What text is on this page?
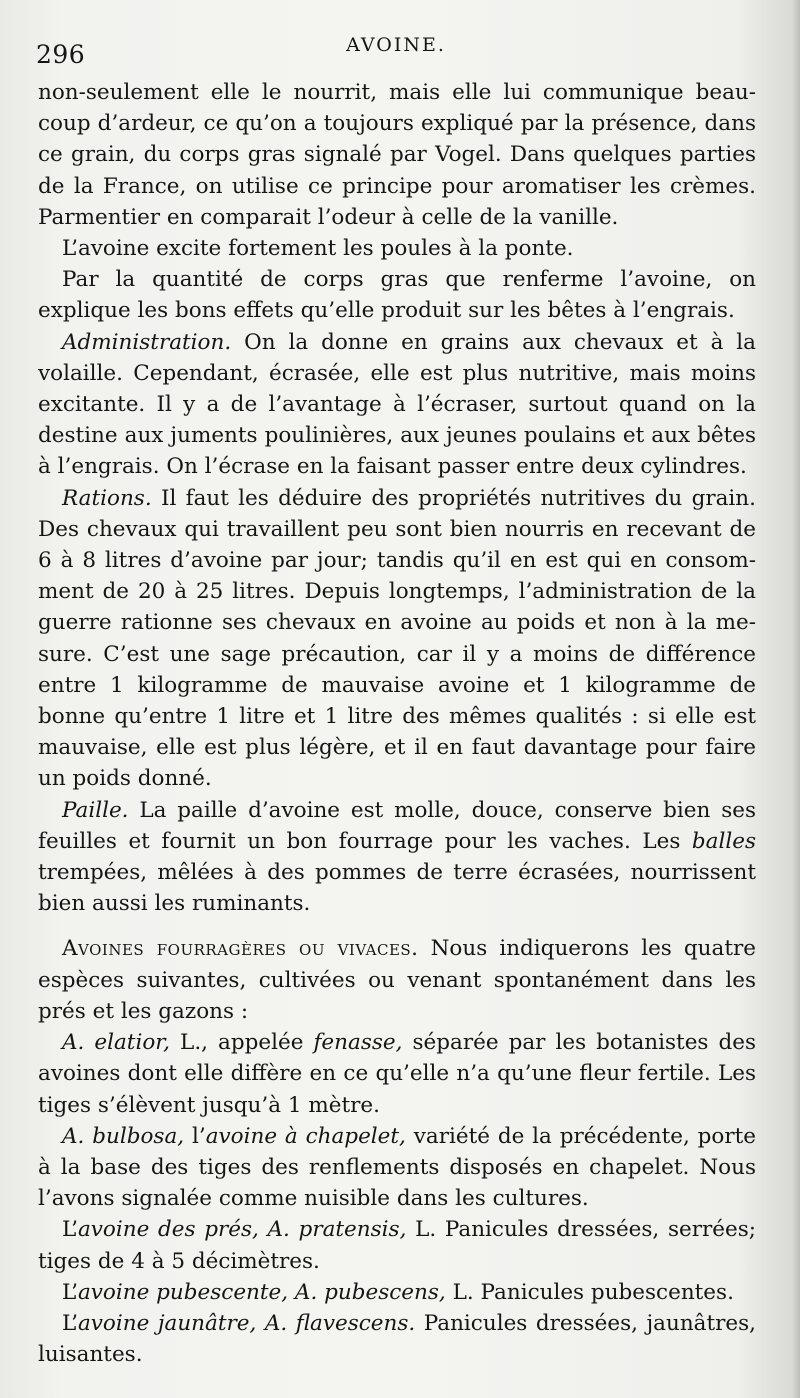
296	AVOINE.

non-seulement elle le nourrit, mais elle lui communique beau-coup d’ardeur, ce qu’on a toujours expliqué par la présence, dans ce grain, du corps gras signalé par Vogel. Dans quelques parties de la France, on utilise ce principe pour aromatiser les crèmes. Parmentier en comparait l’odeur à celle de la vanille.

L’avoine excite fortement les poules à la ponte.

Par la quantité de corps gras que renferme l’avoine, on explique les bons effets qu’elle produit sur les bêtes à l’engrais.

Administration. On la donne en grains aux chevaux et à la volaille. Cependant, écrasée, elle est plus nutritive, mais moins excitante. Il y a de l’avantage à l’écraser, surtout quand on la destine aux juments poulinières, aux jeunes poulains et aux bêtes à l’engrais. On l’écrase en la faisant passer entre deux cylindres.

Rations. Il faut les déduire des propriétés nutritives du grain. Des chevaux qui travaillent peu sont bien nourris en recevant de 6 à 8 litres d’avoine par jour; tandis qu’il en est qui en consom-ment de 20 à 25 litres. Depuis longtemps, l’administration de la guerre rationne ses chevaux en avoine au poids et non à la me-sure. C’est une sage précaution, car il y a moins de différence entre 1 kilogramme de mauvaise avoine et 1 kilogramme de bonne qu’entre 1 litre et 1 litre des mêmes qualités : si elle est mauvaise, elle est plus légère, et il en faut davantage pour faire un poids donné.

Paille. La paille d’avoine est molle, douce, conserve bien ses feuilles et fournit un bon fourrage pour les vaches. Les balles trempées, mêlées à des pommes de terre écrasées, nourrissent bien aussi les ruminants.

Avoines fourragères ou vivaces. Nous indiquerons les quatre espèces suivantes, cultivées ou venant spontanément dans les prés et les gazons :

A. elatior, L., appelée fenasse, séparée par les botanistes des avoines dont elle diffère en ce qu’elle n’a qu’une fleur fertile. Les tiges s’élèvent jusqu’à 1 mètre.

A. bulbosa, l’avoine à chapelet, variété de la précédente, porte à la base des tiges des renflements disposés en chapelet. Nous l’avons signalée comme nuisible dans les cultures.

L’avoine des prés, A. pratensis, L. Panicules dressées, serrées; tiges de 4 à 5 décimètres.

L’avoine pubescente, A. pubescens, L. Panicules pubescentes.

L’avoine jaunâtre, A. flavescens. Panicules dressées, jaunâtres, luisantes.
